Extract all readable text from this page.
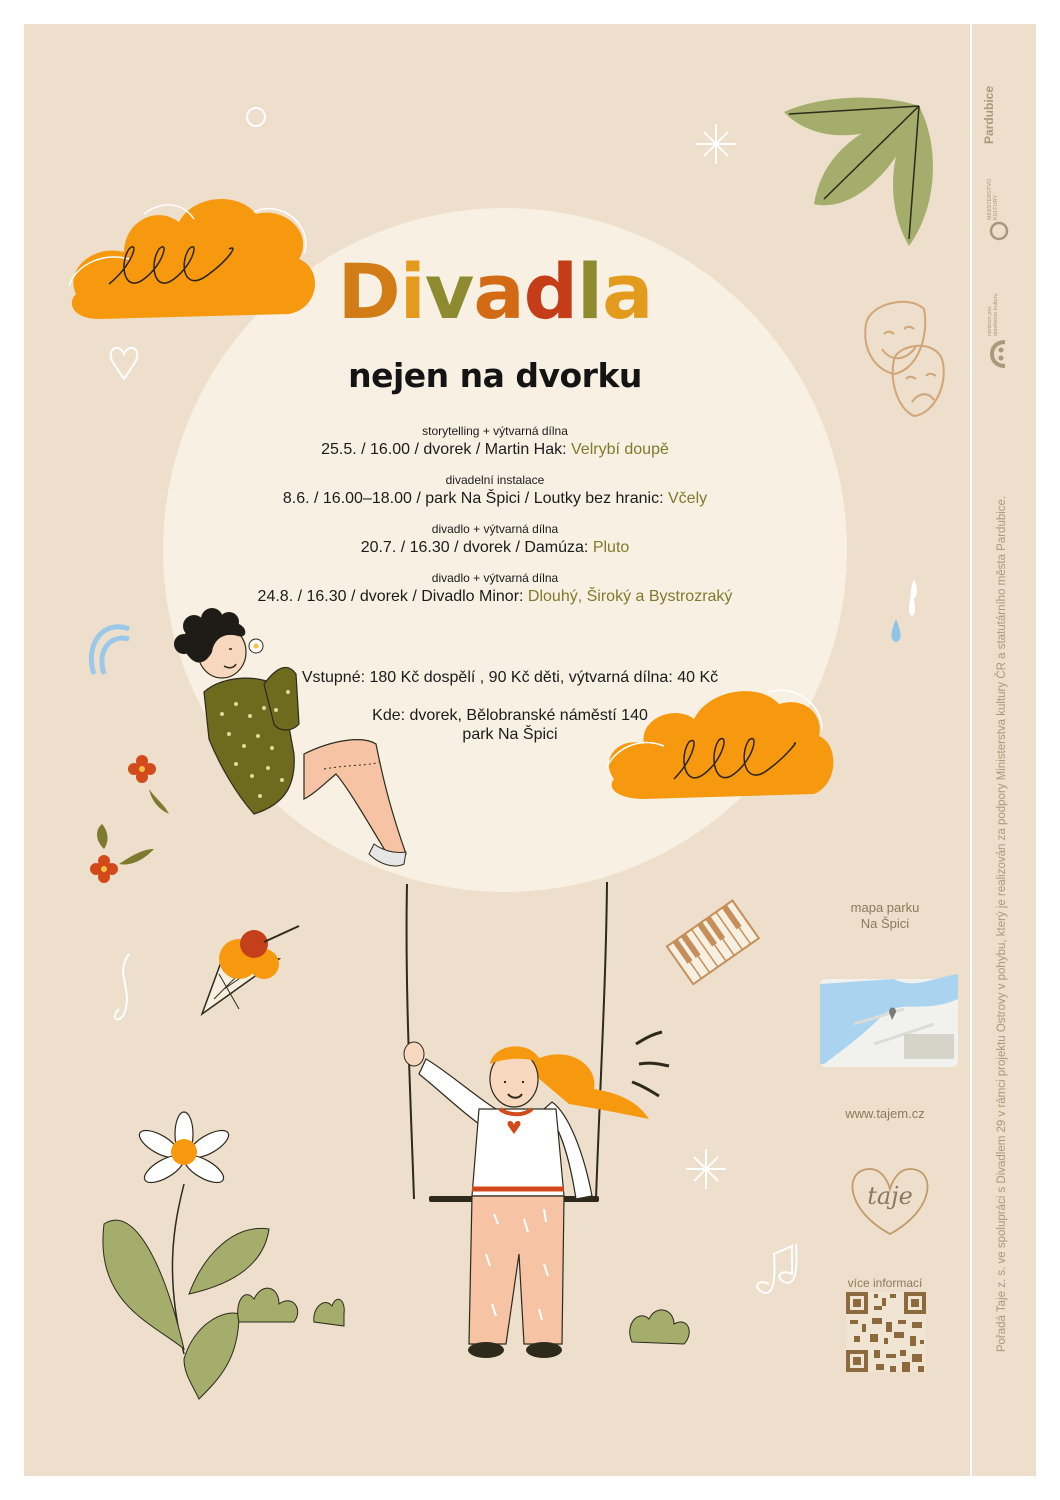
Divadla
nejen na dvorku
storytelling + výtvarná dílna
25.5. / 16.00 / dvorek / Martin Hak: Velrybí doupě
divadelní instalace
8.6. / 16.00–18.00 / park Na Špici / Loutky bez hranic: Včely
divadlo + výtvarná dílna
20.7. / 16.30 / dvorek / Damúza: Pluto
divadlo + výtvarná dílna
24.8. / 16.30 / dvorek / Divadlo Minor: Dlouhý, Široký a Bystrozraký
Vstupné: 180 Kč dospělí , 90 Kč děti, výtvarná dílna: 40 Kč
Kde: dvorek, Bělobranské náměstí 140
park Na Špici
mapa parku
Na Špici
www.tajem.cz
taje
více informací
Pardubice
MINISTERSTVO
KULTURY
centrum pro
otevřenou kulturu
Pořadá Taje z. s. ve spolupráci s Divadlem 29 v rámci projektu Ostrovy v pohybu, který je realizován za podpory Ministerstva kultury ČR a statutárního města Pardubice.
